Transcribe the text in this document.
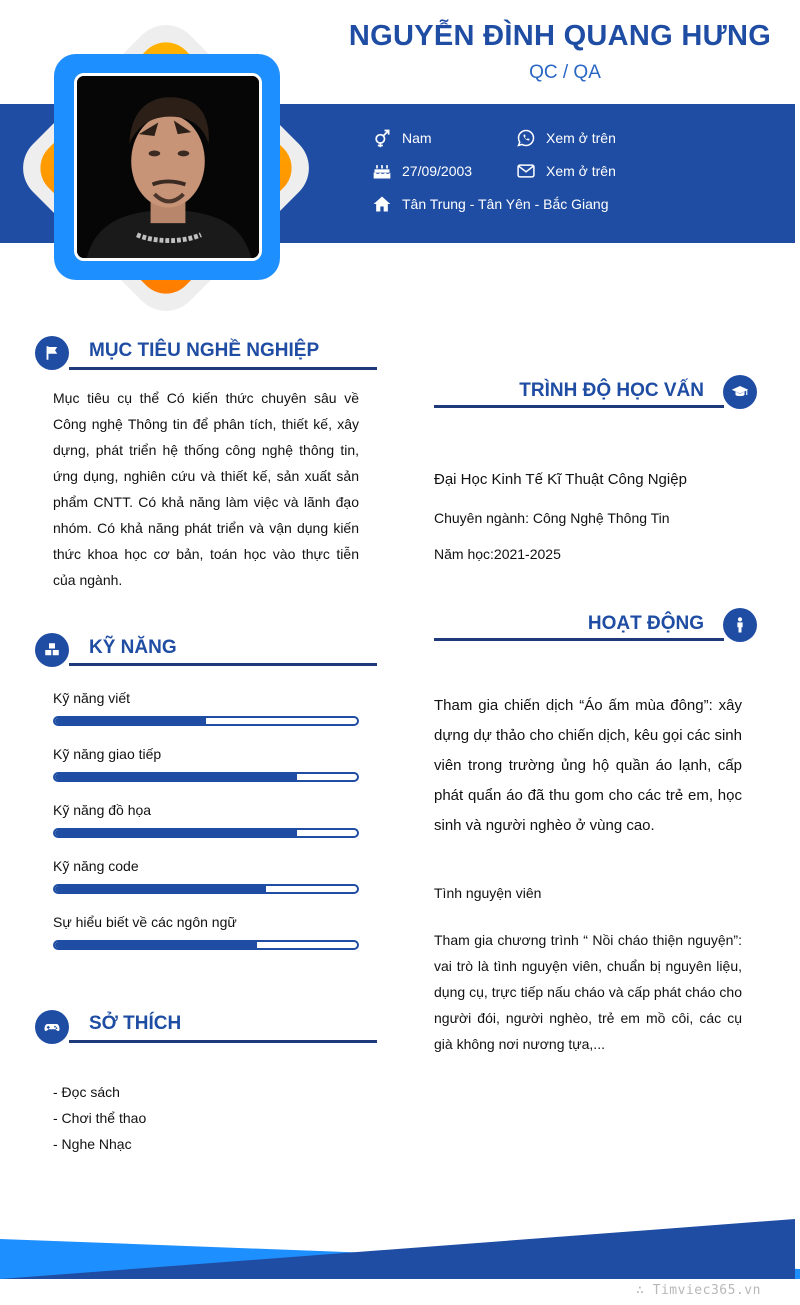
NGUYỄN ĐÌNH QUANG HƯNG
QC / QA
Nam
27/09/2003
Tân Trung - Tân Yên - Bắc Giang
Xem ở trên
Xem ở trên
MỤC TIÊU NGHỀ NGHIỆP
Mục tiêu cụ thể Có kiến thức chuyên sâu về Công nghệ Thông tin để phân tích, thiết kế, xây dựng, phát triển hệ thống công nghệ thông tin, ứng dụng, nghiên cứu và thiết kế, sản xuất sản phẩm CNTT. Có khả năng làm việc và lãnh đạo nhóm. Có khả năng phát triển và vận dụng kiến thức khoa học cơ bản, toán học vào thực tiễn của ngành.
KỸ NĂNG
SỞ THÍCH
- Đọc sách
- Chơi thể thao
- Nghe Nhạc
TRÌNH ĐỘ HỌC VẤN
Đại Học Kinh Tế Kĩ Thuật Công Ngiệp
Chuyên ngành: Công Nghệ Thông Tin
Năm học:2021-2025
HOẠT ĐỘNG
Tham gia chiến dịch “Áo ấm mùa đông”: xây dựng dự thảo cho chiến dịch, kêu gọi các sinh viên trong trường ủng hộ quần áo lạnh, cấp phát quẩn áo đã thu gom cho các trẻ em, học sinh và người nghèo ở vùng cao.
Tình nguyện viên
Tham gia chương trình “ Nồi cháo thiện nguyện”: vai trò là tình nguyện viên, chuẩn bị nguyên liệu, dụng cụ, trực tiếp nấu cháo và cấp phát cháo cho người đói, người nghèo, trẻ em mồ côi, các cụ già không nơi nương tựa,...
∴ Timviec365.vn
Kỹ năng viết
Kỹ năng giao tiếp
Kỹ năng đồ họa
Kỹ năng code
Sự hiểu biết về các ngôn ngữ
